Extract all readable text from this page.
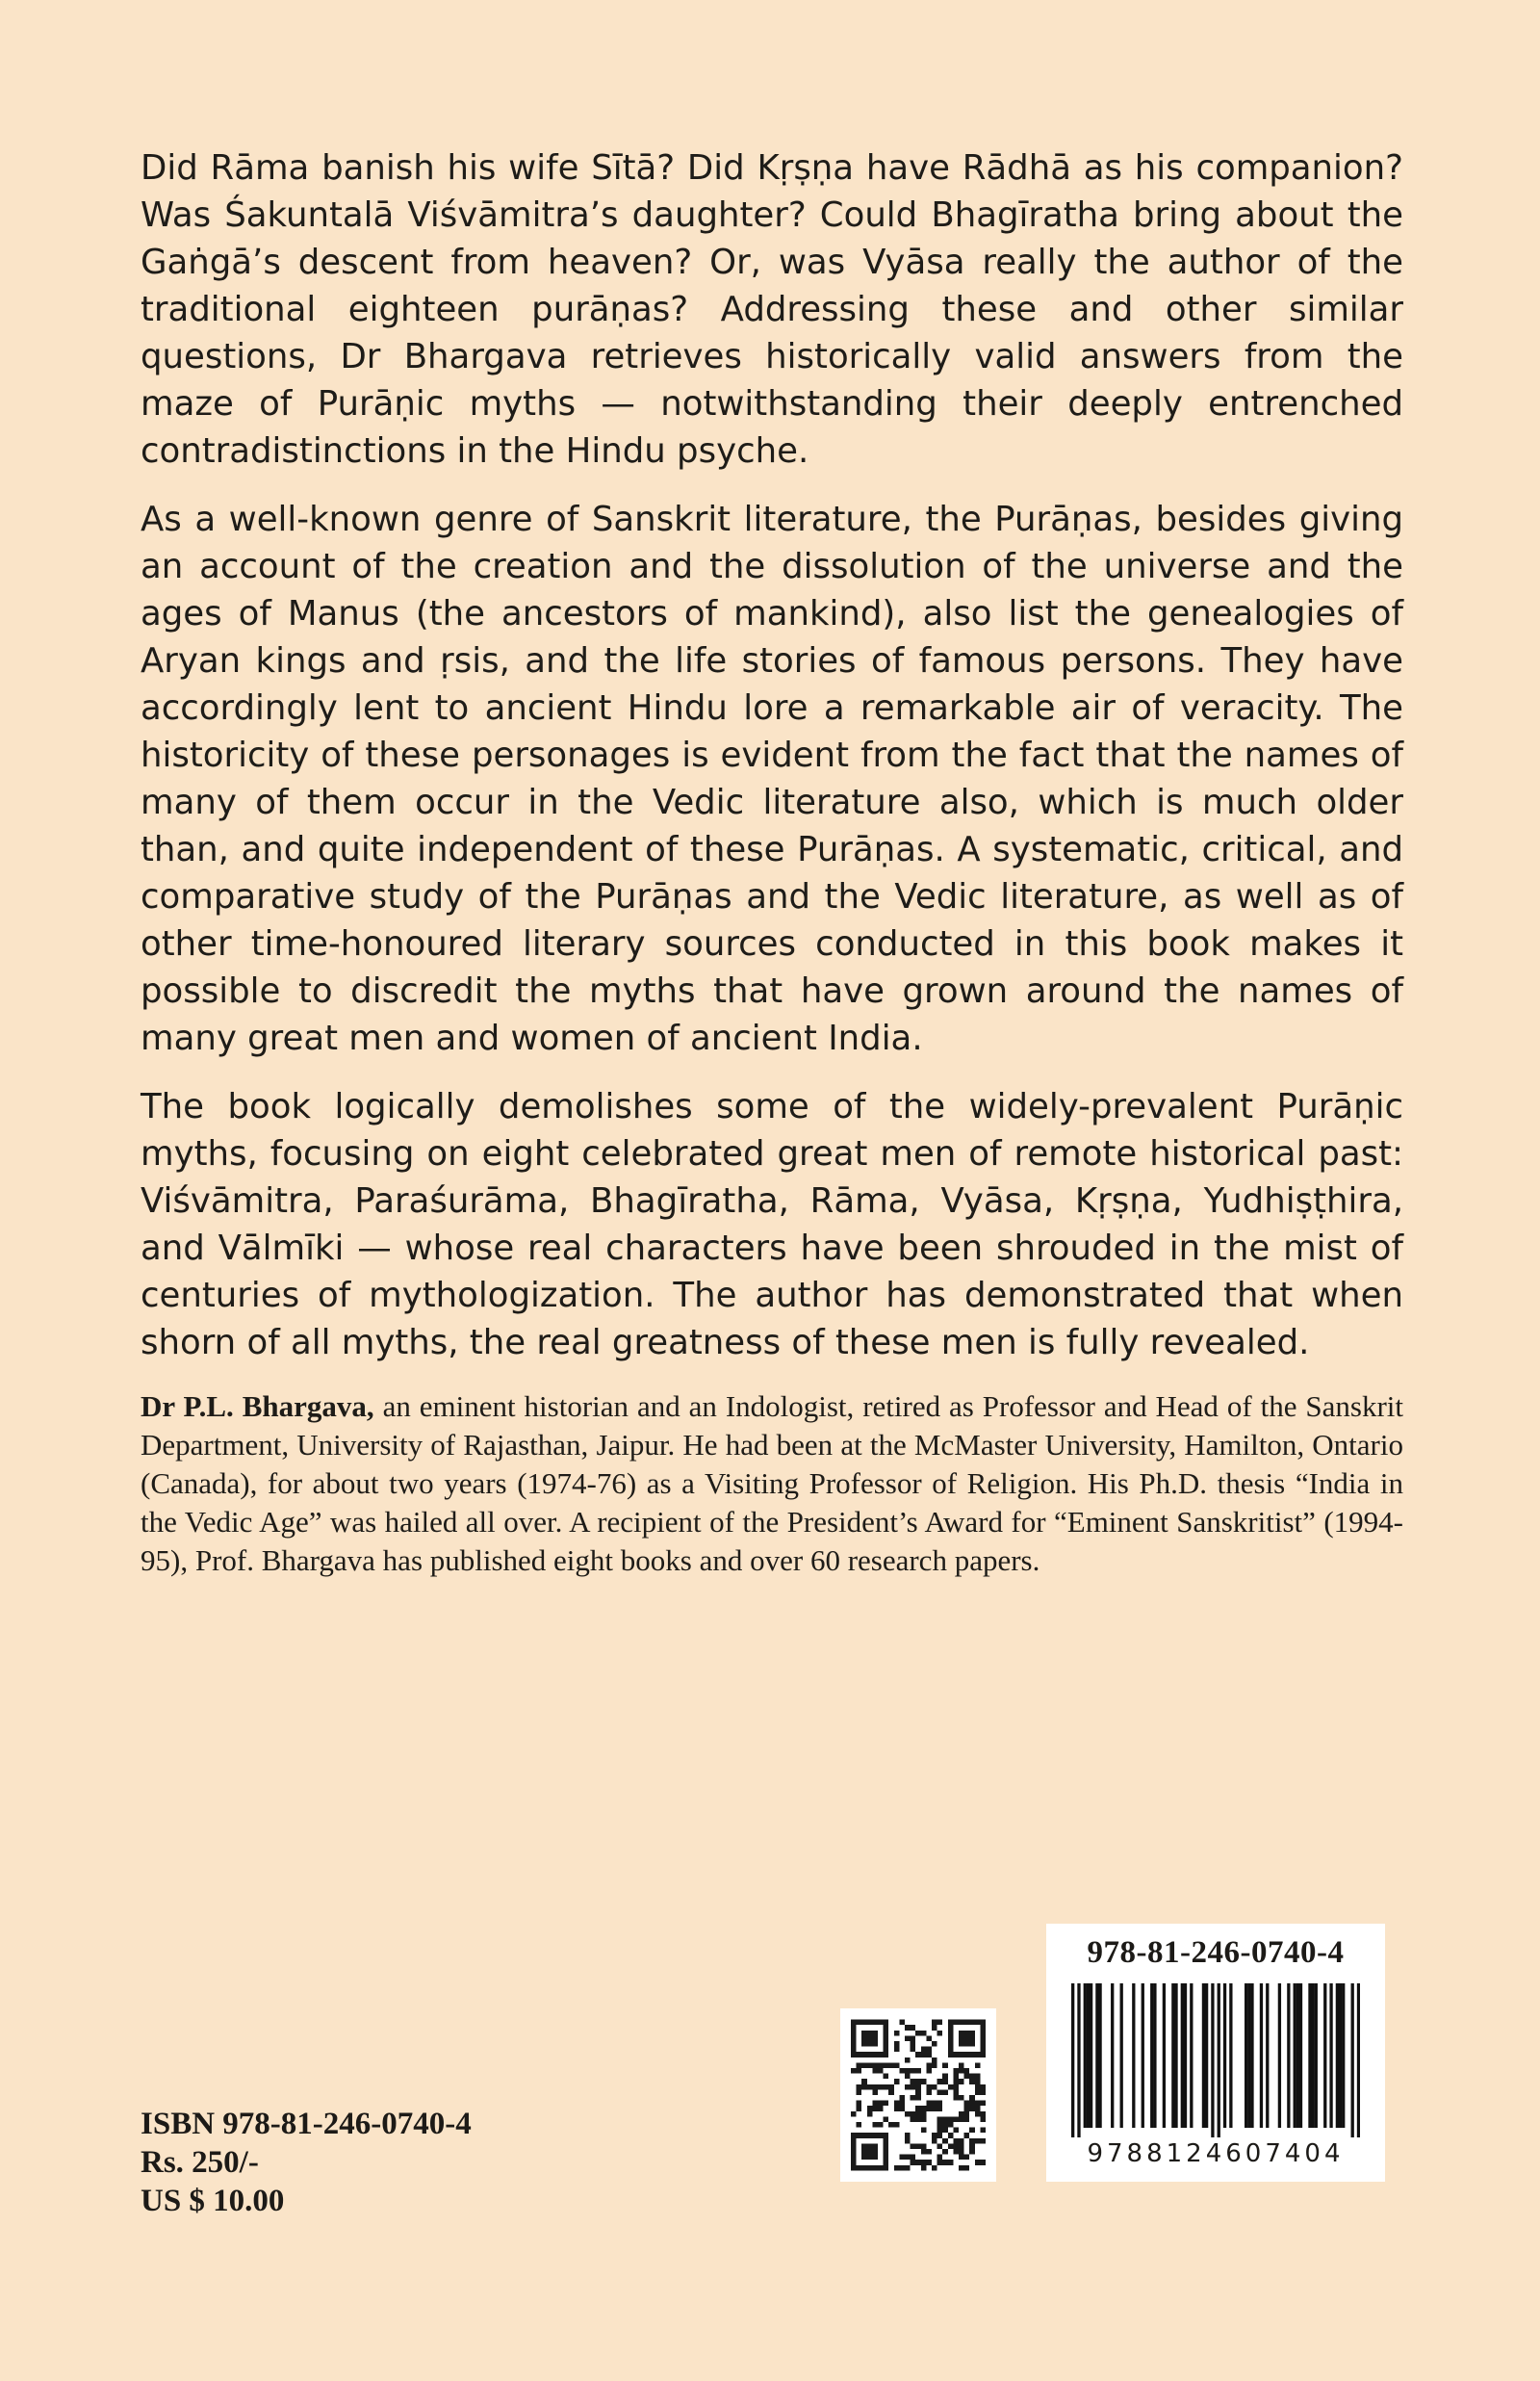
Did Rāma banish his wife Sītā? Did Kṛṣṇa have Rādhā as his companion? Was Śakuntalā Viśvāmitra’s daughter? Could Bhagīratha bring about the Gaṅgā’s descent from heaven? Or, was Vyāsa really the author of the traditional eighteen purāṇas? Addressing these and other similar questions, Dr Bhargava retrieves historically valid answers from the maze of Purāṇic myths — notwithstanding their deeply entrenched contradistinctions in the Hindu psyche.

As a well-known genre of Sanskrit literature, the Purāṇas, besides giving an account of the creation and the dissolution of the universe and the ages of Manus (the ancestors of mankind), also list the genealogies of Aryan kings and ṛsis, and the life stories of famous persons. They have accordingly lent to ancient Hindu lore a remarkable air of veracity. The historicity of these personages is evident from the fact that the names of many of them occur in the Vedic literature also, which is much older than, and quite independent of these Purāṇas. A systematic, critical, and comparative study of the Purāṇas and the Vedic literature, as well as of other time-honoured literary sources conducted in this book makes it possible to discredit the myths that have grown around the names of many great men and women of ancient India.

The book logically demolishes some of the widely-prevalent Purāṇic myths, focusing on eight celebrated great men of remote historical past: Viśvāmitra, Paraśurāma, Bhagīratha, Rāma, Vyāsa, Kṛṣṇa, Yudhiṣṭhira, and Vālmīki — whose real characters have been shrouded in the mist of centuries of mythologization. The author has demonstrated that when shorn of all myths, the real greatness of these men is fully revealed.

Dr P.L. Bhargava, an eminent historian and an Indologist, retired as Professor and Head of the Sanskrit Department, University of Rajasthan, Jaipur. He had been at the McMaster University, Hamilton, Ontario (Canada), for about two years (1974-76) as a Visiting Professor of Religion. His Ph.D. thesis “India in the Vedic Age” was hailed all over. A recipient of the President’s Award for “Eminent Sanskritist” (1994-95), Prof. Bhargava has published eight books and over 60 research papers.

ISBN 978-81-246-0740-4
Rs. 250/-
US $ 10.00
978-81-246-0740-4
9788124607404
